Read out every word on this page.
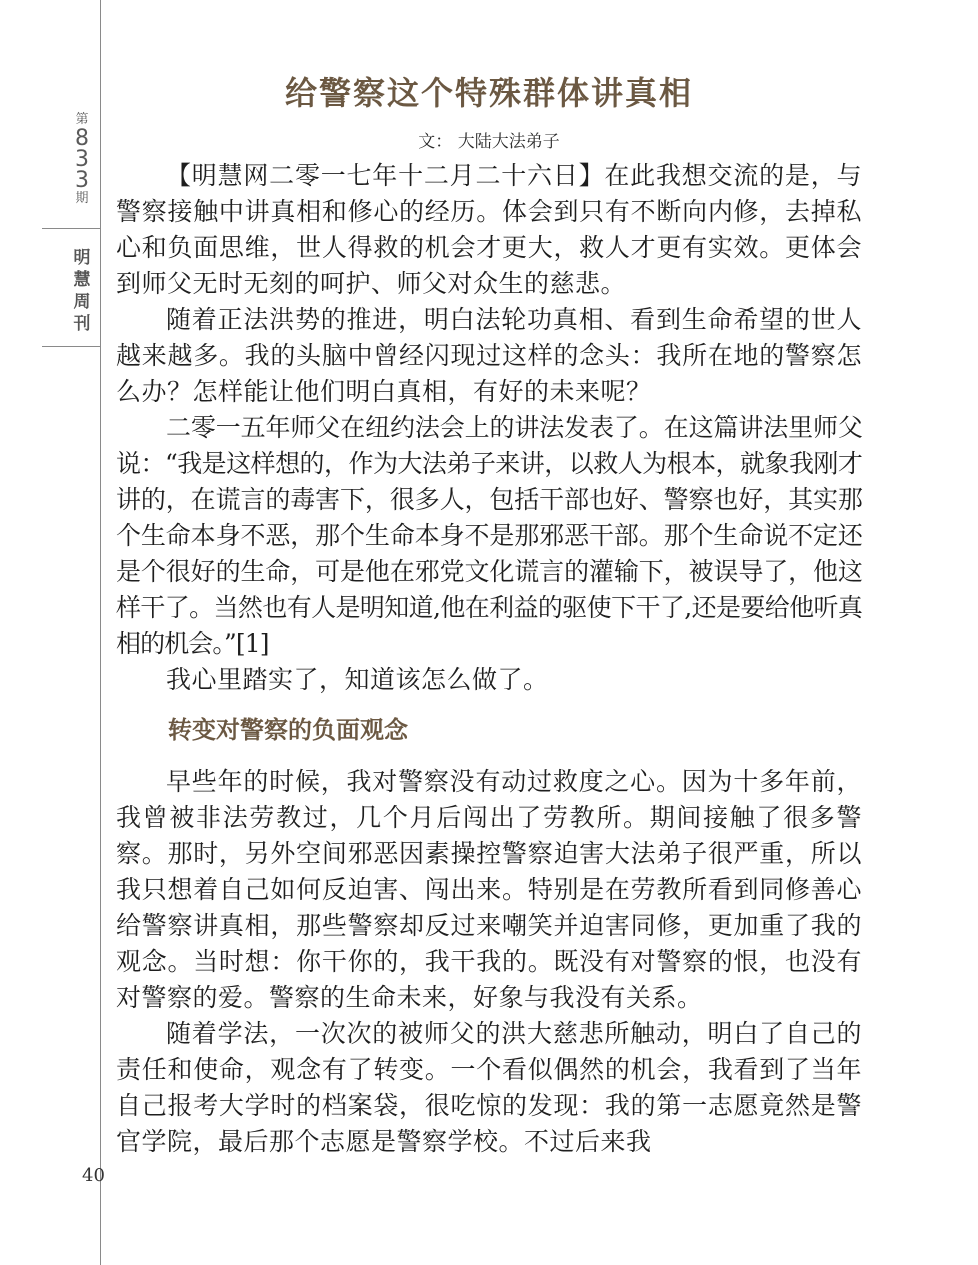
第
8
3
3
期
明
慧
周
刊
40
给警察这个特殊群体讲真相
文： 大陆大法弟子

【明慧网二零一七年十二月二十六日】在此我想交流的是，与警察接触中讲真相和修心的经历。体会到只有不断向内修，去掉私心和负面思维，世人得救的机会才更大，救人才更有实效。更体会到师父无时无刻的呵护、师父对众生的慈悲。

随着正法洪势的推进，明白法轮功真相、看到生命希望的世人越来越多。我的头脑中曾经闪现过这样的念头：我所在地的警察怎么办？怎样能让他们明白真相，有好的未来呢？

二零一五年师父在纽约法会上的讲法发表了。在这篇讲法里师父说：“我是这样想的，作为大法弟子来讲，以救人为根本，就象我刚才讲的，在谎言的毒害下，很多人，包括干部也好、警察也好，其实那个生命本身不恶，那个生命本身不是那邪恶干部。那个生命说不定还是个很好的生命，可是他在邪党文化谎言的灌输下，被误导了，他这样干了。当然也有人是明知道,他在利益的驱使下干了,还是要给他听真相的机会。”[1]

我心里踏实了，知道该怎么做了。

转变对警察的负面观念

早些年的时候，我对警察没有动过救度之心。因为十多年前，我曾被非法劳教过，几个月后闯出了劳教所。期间接触了很多警察。那时，另外空间邪恶因素操控警察迫害大法弟子很严重，所以我只想着自己如何反迫害、闯出来。特别是在劳教所看到同修善心给警察讲真相，那些警察却反过来嘲笑并迫害同修，更加重了我的观念。当时想：你干你的，我干我的。既没有对警察的恨，也没有对警察的爱。警察的生命未来，好象与我没有关系。

随着学法，一次次的被师父的洪大慈悲所触动，明白了自己的责任和使命，观念有了转变。一个看似偶然的机会，我看到了当年自己报考大学时的档案袋，很吃惊的发现：我的第一志愿竟然是警官学院，最后那个志愿是警察学校。不过后来我
